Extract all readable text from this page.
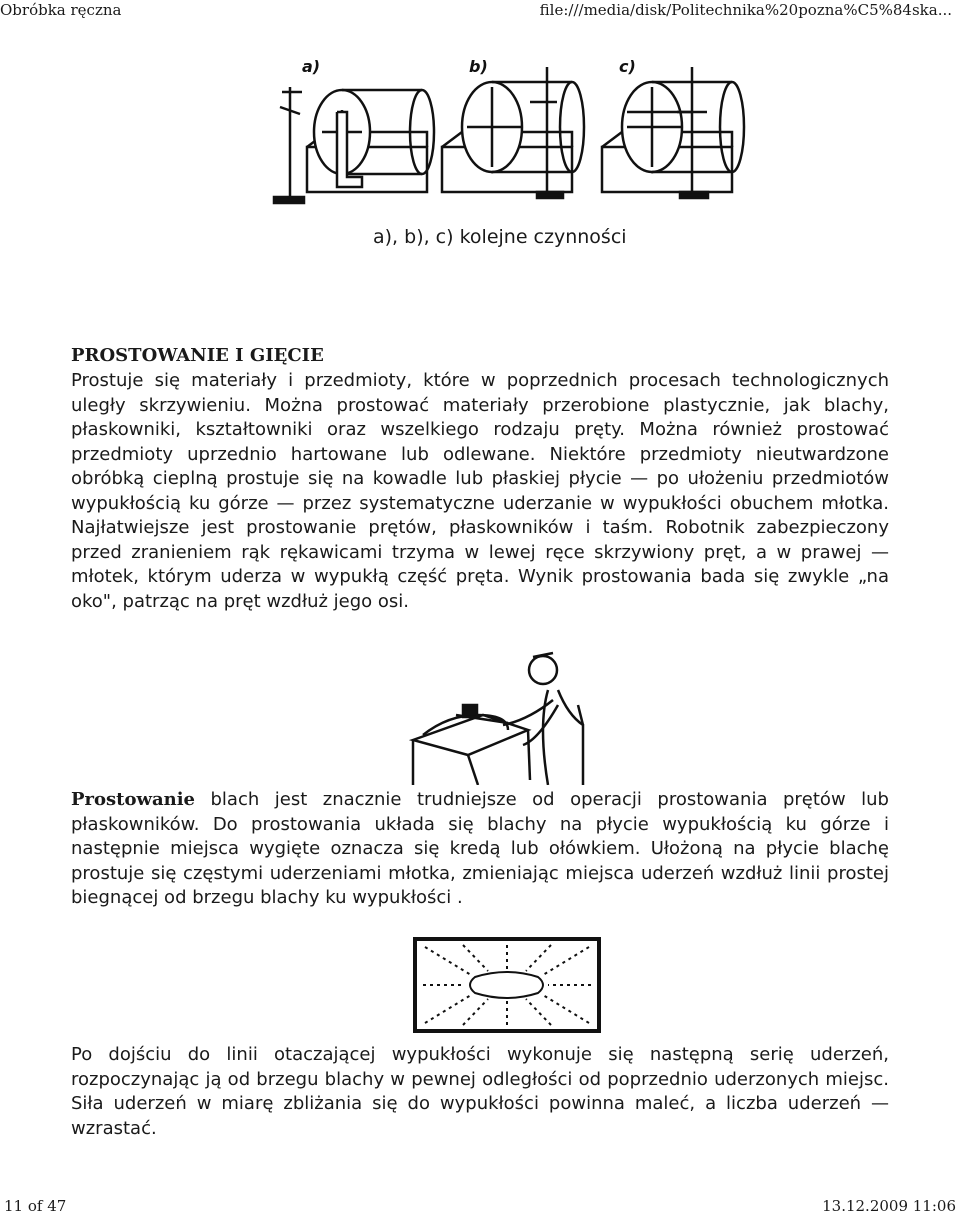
Obróbka ręczna	file:///media/disk/Politechnika%20pozna%C5%84ska...
a)	b)	c)
a), b), c) kolejne czynności

PROSTOWANIE I GIĘCIE

Prostuje się materiały i przedmioty, które w poprzednich procesach technologicznych uległy skrzywieniu. Można prostować materiały przerobione plastycznie, jak blachy, płaskowniki, kształtowniki oraz wszelkiego rodzaju pręty. Można również prostować przedmioty uprzednio hartowane lub odlewane. Niektóre przedmioty nieutwardzone obróbką cieplną prostuje się na kowadle lub płaskiej płycie — po ułożeniu przedmiotów wypukłością ku górze — przez systematyczne uderzanie w wypukłości obuchem młotka. Najłatwiejsze jest prostowanie prętów, płaskowników i taśm. Robotnik zabezpieczony przed zranieniem rąk rękawicami trzyma w lewej ręce skrzywiony pręt, a w prawej — młotek, którym uderza w wypukłą część pręta. Wynik prostowania bada się zwykle „na oko", patrząc na pręt wzdłuż jego osi.

Prostowanie blach jest znacznie trudniejsze od operacji prostowania prętów lub płaskowników. Do prostowania układa się blachy na płycie wypukłością ku górze i następnie miejsca wygięte oznacza się kredą lub ołówkiem. Ułożoną na płycie blachę prostuje się częstymi uderzeniami młotka, zmieniając miejsca uderzeń wzdłuż linii prostej biegnącej od brzegu blachy ku wypukłości .

Po dojściu do linii otaczającej wypukłości wykonuje się następną serię uderzeń, rozpoczynając ją od brzegu blachy w pewnej odległości od poprzednio uderzonych miejsc. Siła uderzeń w miarę zbliżania się do wypukłości powinna maleć, a liczba uderzeń — wzrastać.

11 of 47	13.12.2009 11:06
